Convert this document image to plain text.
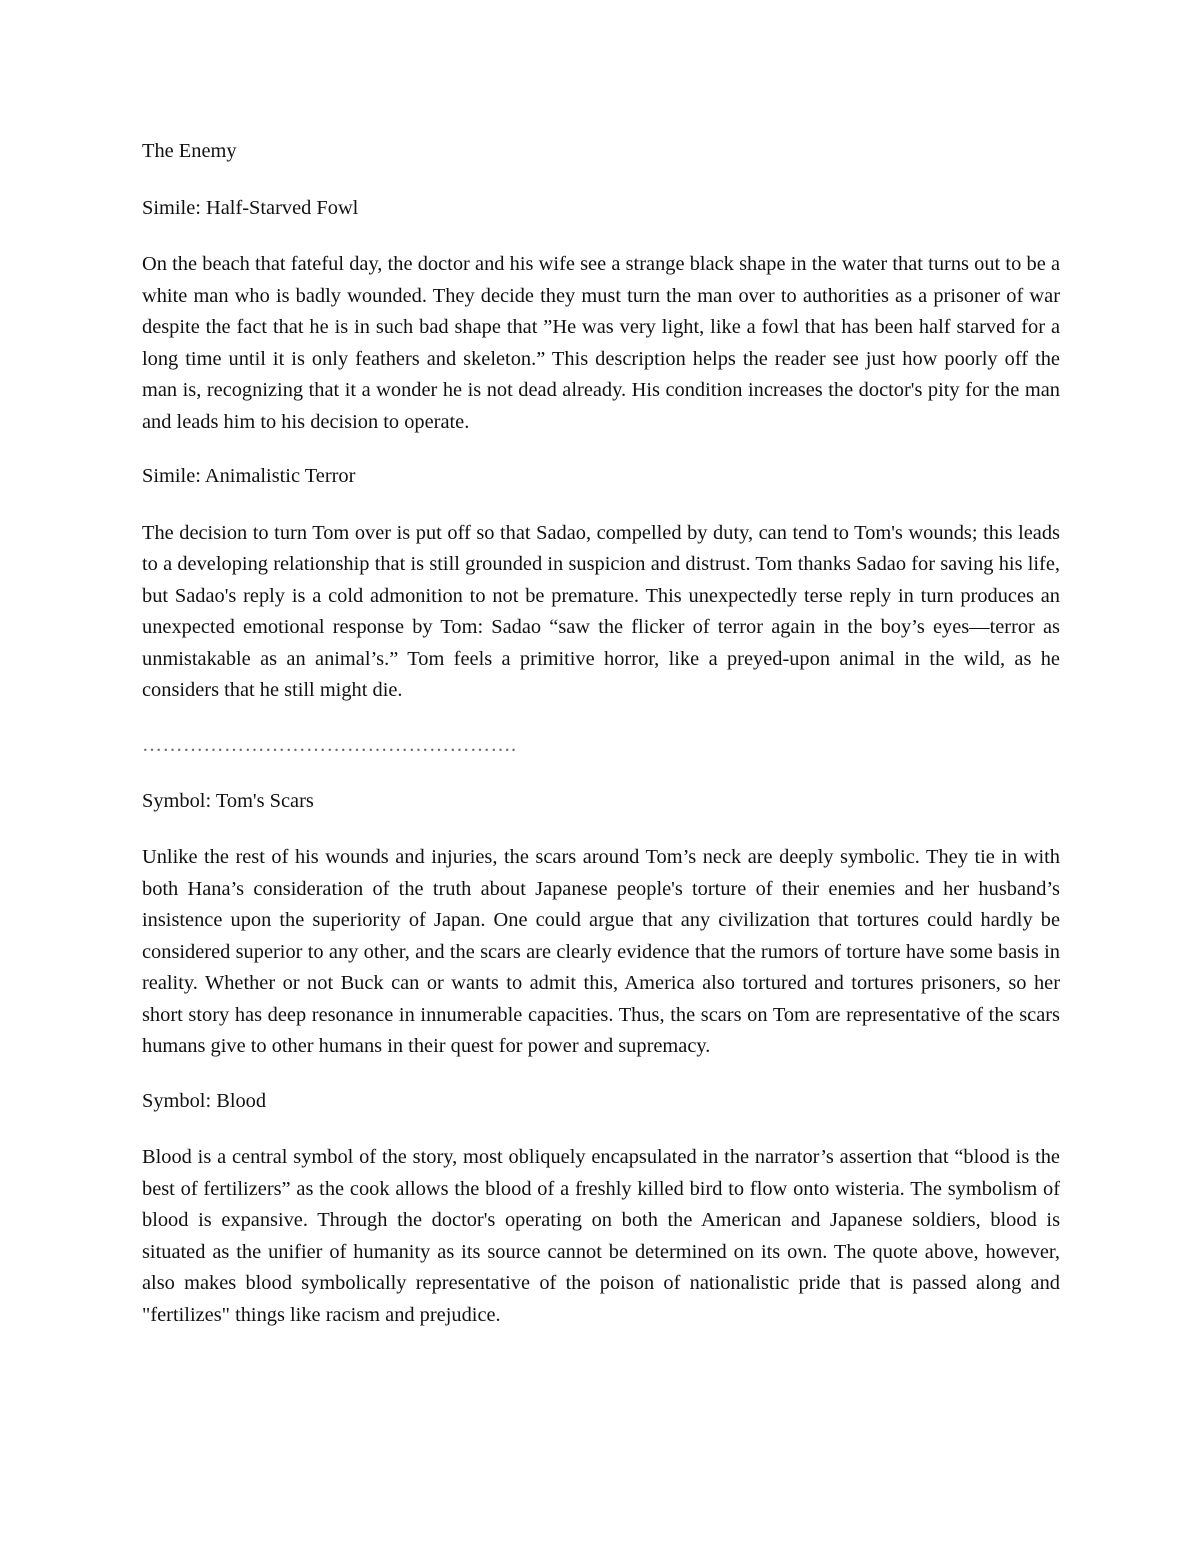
The Enemy
Simile: Half-Starved Fowl

On the beach that fateful day, the doctor and his wife see a strange black shape in the water that turns out to be a white man who is badly wounded. They decide they must turn the man over to authorities as a prisoner of war despite the fact that he is in such bad shape that ”He was very light, like a fowl that has been half starved for a long time until it is only feathers and skeleton.” This description helps the reader see just how poorly off the man is, recognizing that it a wonder he is not dead already. His condition increases the doctor's pity for the man and leads him to his decision to operate.

Simile: Animalistic Terror

The decision to turn Tom over is put off so that Sadao, compelled by duty, can tend to Tom's wounds; this leads to a developing relationship that is still grounded in suspicion and distrust. Tom thanks Sadao for saving his life, but Sadao's reply is a cold admonition to not be premature. This unexpectedly terse reply in turn produces an unexpected emotional response by Tom: Sadao “saw the flicker of terror again in the boy’s eyes—terror as unmistakable as an animal’s.” Tom feels a primitive horror, like a preyed-upon animal in the wild, as he considers that he still might die.

……………………………………………….
Symbol: Tom's Scars

Unlike the rest of his wounds and injuries, the scars around Tom’s neck are deeply symbolic. They tie in with both Hana’s consideration of the truth about Japanese people's torture of their enemies and her husband’s insistence upon the superiority of Japan. One could argue that any civilization that tortures could hardly be considered superior to any other, and the scars are clearly evidence that the rumors of torture have some basis in reality. Whether or not Buck can or wants to admit this, America also tortured and tortures prisoners, so her short story has deep resonance in innumerable capacities. Thus, the scars on Tom are representative of the scars humans give to other humans in their quest for power and supremacy.

Symbol: Blood

Blood is a central symbol of the story, most obliquely encapsulated in the narrator’s assertion that “blood is the best of fertilizers” as the cook allows the blood of a freshly killed bird to flow onto wisteria. The symbolism of blood is expansive. Through the doctor's operating on both the American and Japanese soldiers, blood is situated as the unifier of humanity as its source cannot be determined on its own. The quote above, however, also makes blood symbolically representative of the poison of nationalistic pride that is passed along and "fertilizes" things like racism and prejudice.
